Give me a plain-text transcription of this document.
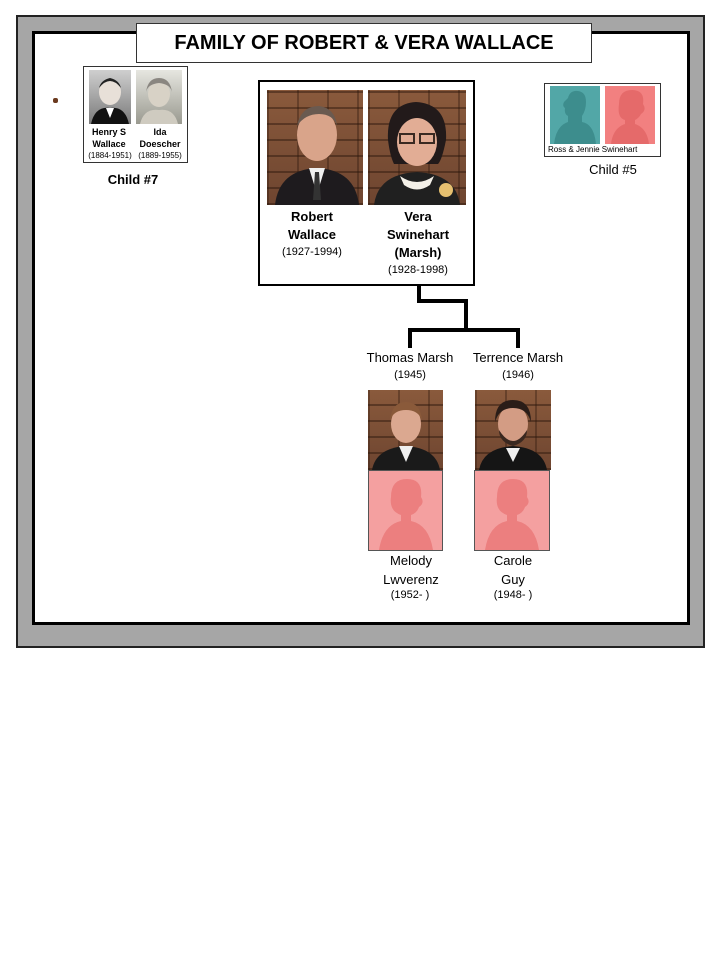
FAMILY OF ROBERT & VERA WALLACE
Henry S
Wallace
(1884-1951)
Ida
Doescher
(1889-1955)
Child #7
Ross & Jennie Swinehart
Child #5
Robert
Wallace
(1927-1994)
Vera
Swinehart
(Marsh)
(1928-1998)
Thomas Marsh
(1945)
Melody
Lwverenz
(1952- )
Terrence Marsh
(1946)
Carole
Guy
(1948- )
